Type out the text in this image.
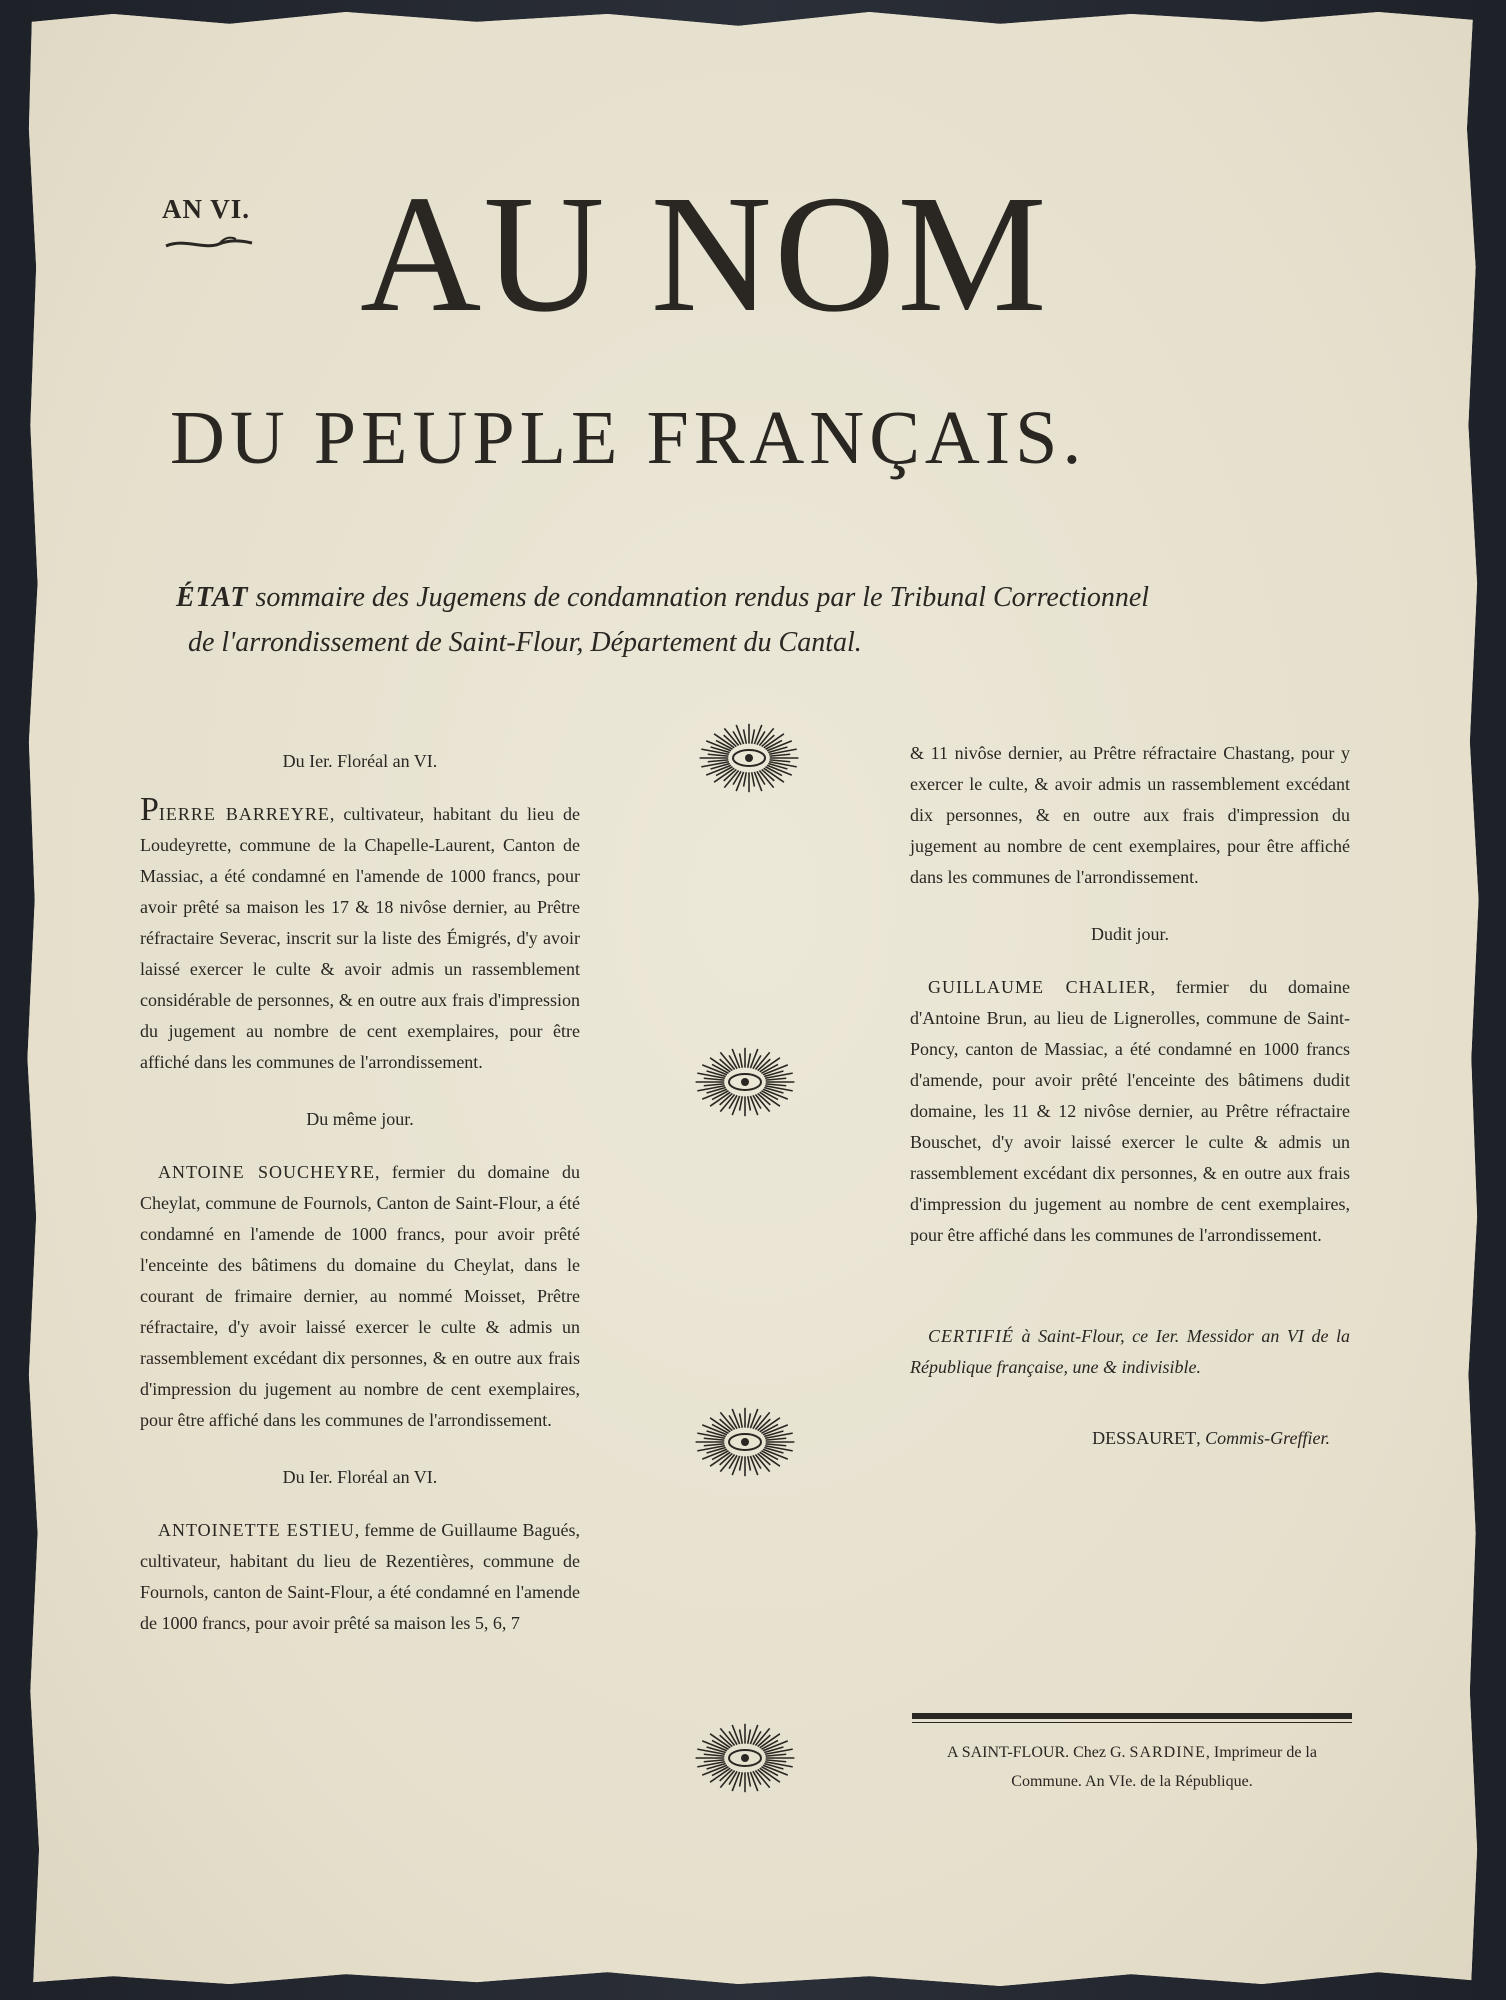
AN VI. AU NOM
DU PEUPLE FRANÇAIS.
ÉTAT sommaire des Jugemens de condamnation rendus par le Tribunal Correctionnel
de l'arrondissement de Saint-Flour, Département du Cantal.
Du Ier. Floréal an VI.

PIERRE BARREYRE, cultivateur, habitant du lieu de Loudeyrette, commune de la Chapelle-Laurent, Canton de Massiac, a été condamné en l'amende de 1000 francs, pour avoir prêté sa maison les 17 & 18 nivôse dernier, au Prêtre réfractaire Severac, inscrit sur la liste des Émigrés, d'y avoir laissé exercer le culte & avoir admis un rassemblement considérable de personnes, & en outre aux frais d'impression du jugement au nombre de cent exemplaires, pour être affiché dans les communes de l'arrondissement.

Du même jour.

ANTOINE SOUCHEYRE, fermier du domaine du Cheylat, commune de Fournols, Canton de Saint-Flour, a été condamné en l'amende de 1000 francs, pour avoir prêté l'enceinte des bâtimens du domaine du Cheylat, dans le courant de frimaire dernier, au nommé Moisset, Prêtre réfractaire, d'y avoir laissé exercer le culte & admis un rassemblement excédant dix personnes, & en outre aux frais d'impression du jugement au nombre de cent exemplaires, pour être affiché dans les communes de l'arrondissement.

Du Ier. Floréal an VI.

ANTOINETTE ESTIEU, femme de Guillaume Bagués, cultivateur, habitant du lieu de Rezentières, commune de Fournols, canton de Saint-Flour, a été condamné en l'amende de 1000 francs, pour avoir prêté sa maison les 5, 6, 7

& 11 nivôse dernier, au Prêtre réfractaire Chastang, pour y exercer le culte, & avoir admis un rassemblement excédant dix personnes, & en outre aux frais d'impression du jugement au nombre de cent exemplaires, pour être affiché dans les communes de l'arrondissement.

Dudit jour.

GUILLAUME CHALIER, fermier du domaine d'Antoine Brun, au lieu de Lignerolles, commune de Saint-Poncy, canton de Massiac, a été condamné en 1000 francs d'amende, pour avoir prêté l'enceinte des bâtimens dudit domaine, les 11 & 12 nivôse dernier, au Prêtre réfractaire Bouschet, d'y avoir laissé exercer le culte & admis un rassemblement excédant dix personnes, & en outre aux frais d'impression du jugement au nombre de cent exemplaires, pour être affiché dans les communes de l'arrondissement.

CERTIFIÉ à Saint-Flour, ce Ier. Messidor an VI de la République française, une & indivisible.

DESSAURET, Commis-Greffier.
A SAINT-FLOUR. Chez G. SARDINE, Imprimeur de la Commune. An VIe. de la République.
